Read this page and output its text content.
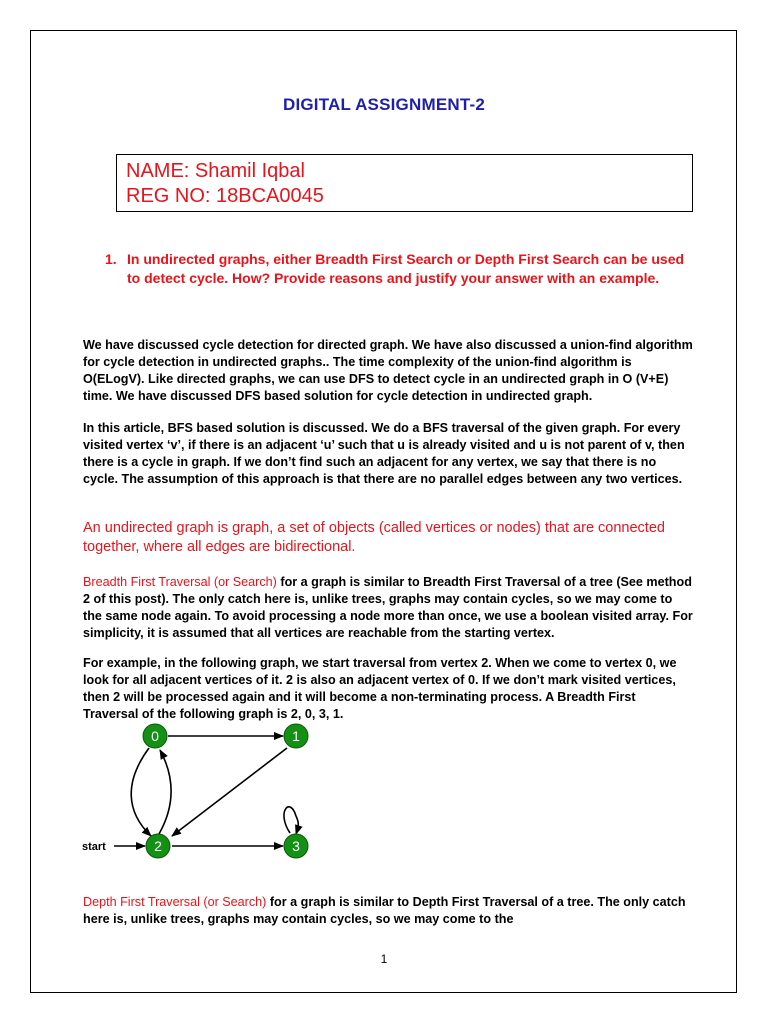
DIGITAL ASSIGNMENT-2
NAME: Shamil Iqbal
REG NO: 18BCA0045
1. In undirected graphs, either Breadth First Search or Depth First Search can be used to detect cycle. How? Provide reasons and justify your answer with an example.
We have discussed cycle detection for directed graph. We have also discussed a union-find algorithm for cycle detection in undirected graphs.. The time complexity of the union-find algorithm is O(ELogV). Like directed graphs, we can use DFS to detect cycle in an undirected graph in O (V+E) time. We have discussed DFS based solution for cycle detection in undirected graph.
In this article, BFS based solution is discussed. We do a BFS traversal of the given graph. For every visited vertex ‘v’, if there is an adjacent ‘u’ such that u is already visited and u is not parent of v, then there is a cycle in graph. If we don’t find such an adjacent for any vertex, we say that there is no cycle. The assumption of this approach is that there are no parallel edges between any two vertices.
An undirected graph is graph, a set of objects (called vertices or nodes) that are connected together, where all edges are bidirectional.
Breadth First Traversal (or Search) for a graph is similar to Breadth First Traversal of a tree (See method 2 of this post). The only catch here is, unlike trees, graphs may contain cycles, so we may come to the same node again. To avoid processing a node more than once, we use a boolean visited array. For simplicity, it is assumed that all vertices are reachable from the starting vertex.
For example, in the following graph, we start traversal from vertex 2. When we come to vertex 0, we look for all adjacent vertices of it. 2 is also an adjacent vertex of 0. If we don’t mark visited vertices, then 2 will be processed again and it will become a non-terminating process. A Breadth First Traversal of the following graph is 2, 0, 3, 1.
start
0	1
2	3
Depth First Traversal (or Search) for a graph is similar to Depth First Traversal of a tree. The only catch here is, unlike trees, graphs may contain cycles, so we may come to the
1
